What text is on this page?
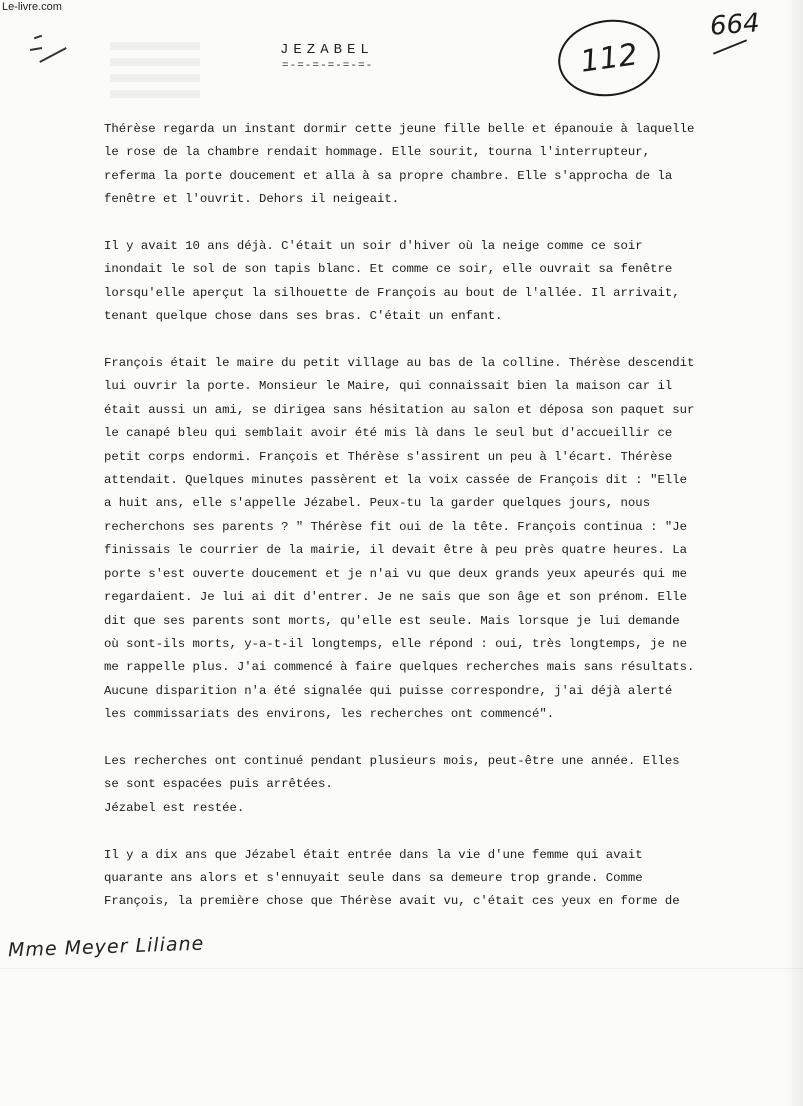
Le-livre.com
JEZABEL
=-=-=-=-=-=-	112
664
Thérèse regarda un instant dormir cette jeune fille belle et épanouie à laquelle
le rose de la chambre rendait hommage. Elle sourit, tourna l'interrupteur,
referma la porte doucement et alla à sa propre chambre. Elle s'approcha de la
fenêtre et l'ouvrit. Dehors il neigeait.
Il y avait 10 ans déjà. C'était un soir d'hiver où la neige comme ce soir
inondait le sol de son tapis blanc. Et comme ce soir, elle ouvrait sa fenêtre
lorsqu'elle aperçut la silhouette de François au bout de l'allée. Il arrivait,
tenant quelque chose dans ses bras. C'était un enfant.
François était le maire du petit village au bas de la colline. Thérèse descendit
lui ouvrir la porte. Monsieur le Maire, qui connaissait bien la maison car il
était aussi un ami, se dirigea sans hésitation au salon et déposa son paquet sur
le canapé bleu qui semblait avoir été mis là dans le seul but d'accueillir ce
petit corps endormi. François et Thérèse s'assirent un peu à l'écart. Thérèse
attendait. Quelques minutes passèrent et la voix cassée de François dit : "Elle
a huit ans, elle s'appelle Jézabel. Peux-tu la garder quelques jours, nous
recherchons ses parents ? " Thérèse fit oui de la tête. François continua : "Je
finissais le courrier de la mairie, il devait être à peu près quatre heures. La
porte s'est ouverte doucement et je n'ai vu que deux grands yeux apeurés qui me
regardaient. Je lui ai dit d'entrer. Je ne sais que son âge et son prénom. Elle
dit que ses parents sont morts, qu'elle est seule. Mais lorsque je lui demande
où sont-ils morts, y-a-t-il longtemps, elle répond : oui, très longtemps, je ne
me rappelle plus. J'ai commencé à faire quelques recherches mais sans résultats.
Aucune disparition n'a été signalée qui puisse correspondre, j'ai déjà alerté
les commissariats des environs, les recherches ont commencé".
Les recherches ont continué pendant plusieurs mois, peut-être une année. Elles
se sont espacées puis arrêtées.
Jézabel est restée.
Il y a dix ans que Jézabel était entrée dans la vie d'une femme qui avait
quarante ans alors et s'ennuyait seule dans sa demeure trop grande. Comme
François, la première chose que Thérèse avait vu, c'était ces yeux en forme de
Mme Meyer Liliane
